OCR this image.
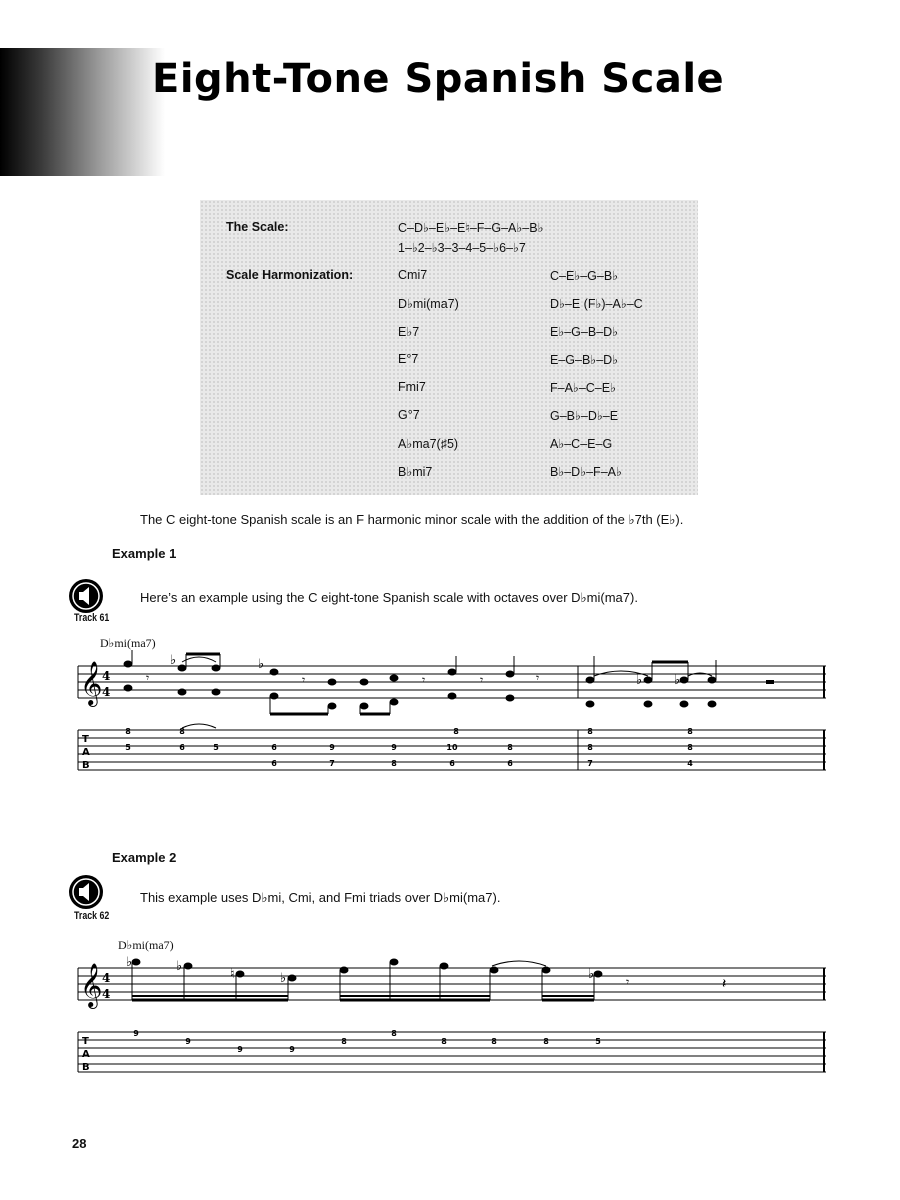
Eight-Tone Spanish Scale
The Scale:	C–D♭–E♭–E♮–F–G–A♭–B♭
1–♭2–♭3–3–4–5–♭6–♭7
Scale Harmonization:	Cmi7	C–E♭–G–B♭
D♭mi(ma7)	D♭–E (F♭)–A♭–C
E♭7	E♭–G–B–D♭
E°7	E–G–B♭–D♭
Fmi7	F–A♭–C–E♭
G°7	G–B♭–D♭–E
A♭ma7(♯5)	A♭–C–E–G
B♭mi7	B♭–D♭–F–A♭

The C eight-tone Spanish scale is an F harmonic minor scale with the addition of the ♭7th (E♭).

Example 1
Here’s an example using the C eight-tone Spanish scale with octaves over D♭mi(ma7).
Track 61
D♭mi(ma7)
𝄞 4
4
T
A
B
♭	♭
♭ ♭
𝄾	𝄾	𝄾	𝄾	𝄾
8	8	8	8
5	6	5	6	9	9	10	8
8
8	8
6	7	8	6	6	7	4
Example 2
This example uses D♭mi, Cmi, and Fmi triads over D♭mi(ma7).
Track 62
D♭mi(ma7)
𝄞 4
4
T
A
B
♭	♭
♮	♭	♭	𝄾	𝄽
9	8
9	8	8	8	8	5
9	9
28
